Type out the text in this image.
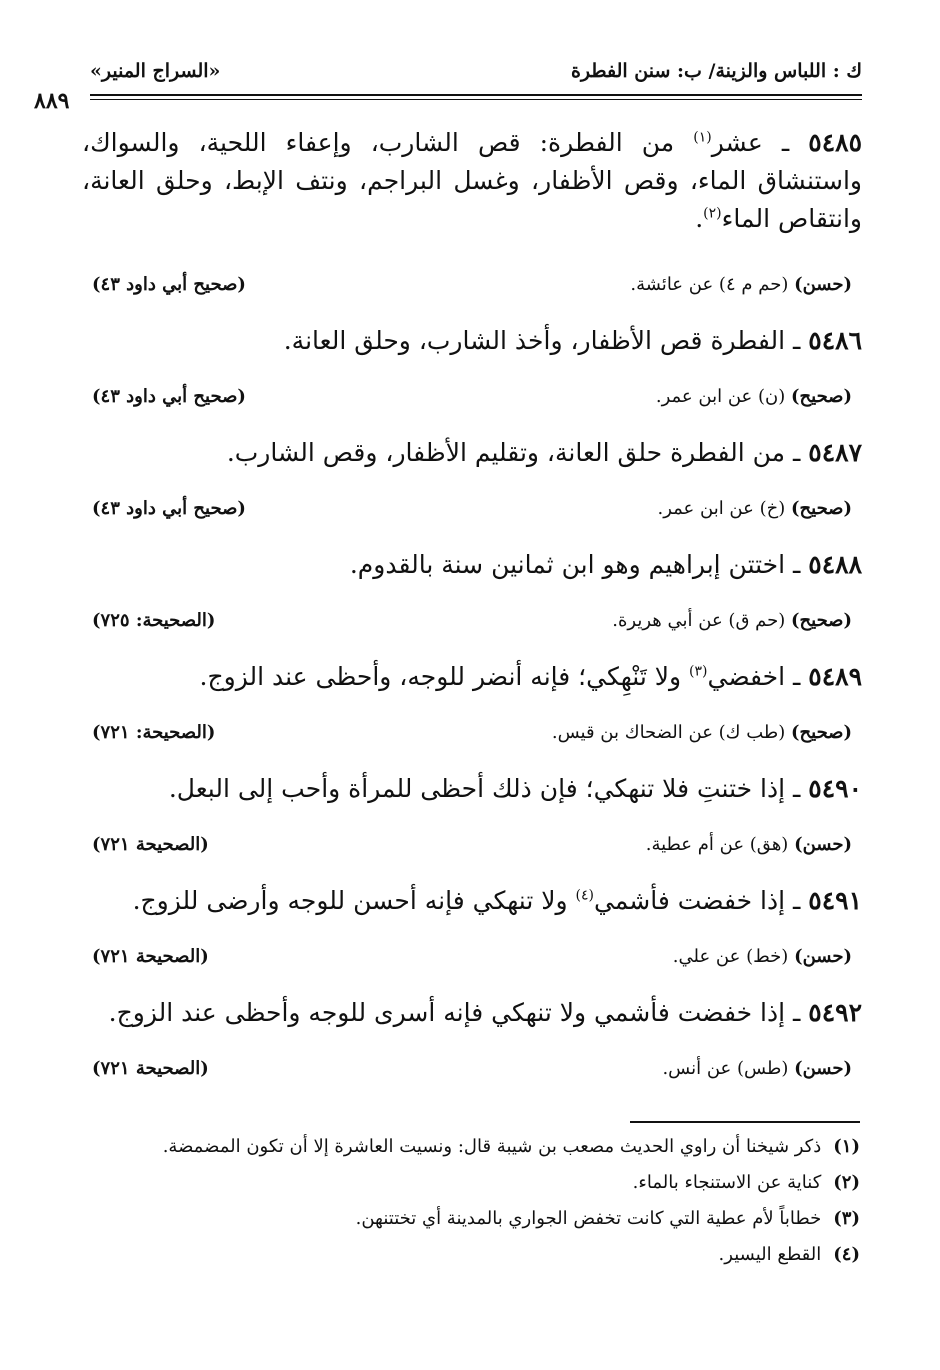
ك : اللباس والزينة/ ب: سنن الفطرة
«السراج المنير»
٨٨٩
٥٤٨٥ ـ عشر$^{(١)}$ من الفطرة: قص الشارب، وإعفاء اللحية، والسواك، واستنشاق الماء، وقص الأظفار، وغسل البراجم، ونتف الإبط، وحلق العانة، وانتقاص الماء$^{(٢)}$.
(حسن) (حم م ٤) عن عائشة.
(صحيح أبي داود ٤٣)
٥٤٨٦ ـ الفطرة قص الأظفار، وأخذ الشارب، وحلق العانة.
(صحيح) (ن) عن ابن عمر.
(صحيح أبي داود ٤٣)
٥٤٨٧ ـ من الفطرة حلق العانة، وتقليم الأظفار، وقص الشارب.
(صحيح) (خ) عن ابن عمر.
(صحيح أبي داود ٤٣)
٥٤٨٨ ـ اختتن إبراهيم وهو ابن ثمانين سنة بالقدوم.
(صحيح) (حم ق) عن أبي هريرة.
(الصحيحة: ٧٢٥)
٥٤٨٩ ـ اخفضي$^{(٣)}$ ولا تَنْهِكي؛ فإنه أنضر للوجه، وأحظى عند الزوج.
(صحيح) (طب ك) عن الضحاك بن قيس.
(الصحيحة: ٧٢١)
٥٤٩٠ ـ إذا ختنتِ فلا تنهكي؛ فإن ذلك أحظى للمرأة وأحب إلى البعل.
(حسن) (هق) عن أم عطية.
(الصحيحة ٧٢١)
٥٤٩١ ـ إذا خفضت فأشمي$^{(٤)}$ ولا تنهكي فإنه أحسن للوجه وأرضى للزوج.
(حسن) (خط) عن علي.
(الصحيحة ٧٢١)
٥٤٩٢ ـ إذا خفضت فأشمي ولا تنهكي فإنه أسرى للوجه وأحظى عند الزوج.
(حسن) (طس) عن أنس.
(الصحيحة ٧٢١)
(١)ذكر شيخنا أن راوي الحديث مصعب بن شيبة قال: ونسيت العاشرة إلا أن تكون المضمضة.
(٢)كناية عن الاستنجاء بالماء.
(٣)خطاباً لأم عطية التي كانت تخفض الجواري بالمدينة أي تختتنهن.
(٤)القطع اليسير.
